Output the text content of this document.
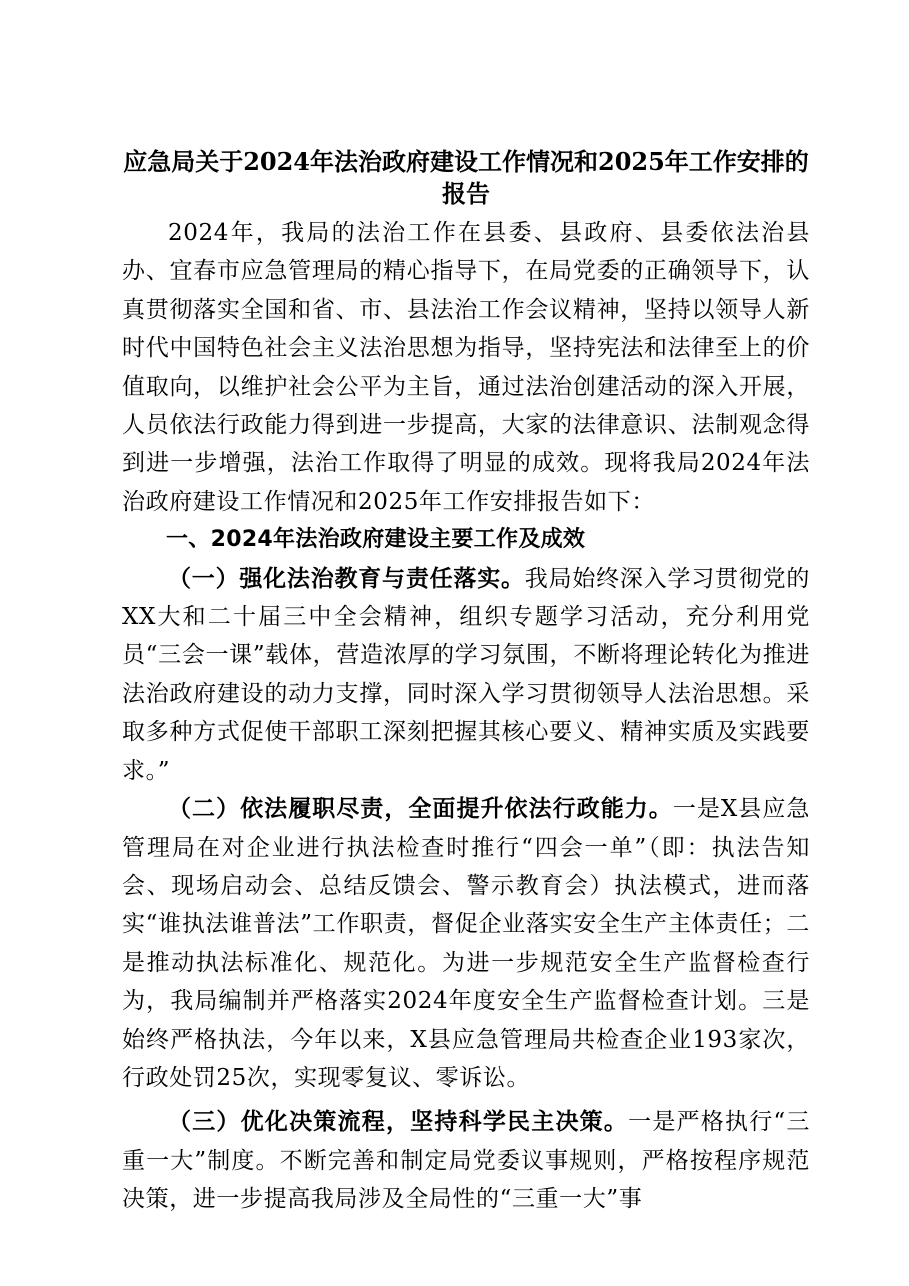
应急局关于2024年法治政府建设工作情况和2025年工作安排的报告

2024年，我局的法治工作在县委、县政府、县委依法治县办、宜春市应急管理局的精心指导下，在局党委的正确领导下，认真贯彻落实全国和省、市、县法治工作会议精神，坚持以领导人新时代中国特色社会主义法治思想为指导，坚持宪法和法律至上的价值取向，以维护社会公平为主旨，通过法治创建活动的深入开展，人员依法行政能力得到进一步提高，大家的法律意识、法制观念得到进一步增强，法治工作取得了明显的成效。现将我局2024年法治政府建设工作情况和2025年工作安排报告如下：

一、2024年法治政府建设主要工作及成效

（一）强化法治教育与责任落实。我局始终深入学习贯彻党的XX大和二十届三中全会精神，组织专题学习活动，充分利用党员“三会一课”载体，营造浓厚的学习氛围，不断将理论转化为推进法治政府建设的动力支撑，同时深入学习贯彻领导人法治思想。采取多种方式促使干部职工深刻把握其核心要义、精神实质及实践要求。”

（二）依法履职尽责，全面提升依法行政能力。一是X县应急管理局在对企业进行执法检查时推行“四会一单”（即：执法告知会、现场启动会、总结反馈会、警示教育会）执法模式，进而落实“谁执法谁普法”工作职责，督促企业落实安全生产主体责任；二是推动执法标准化、规范化。为进一步规范安全生产监督检查行为，我局编制并严格落实2024年度安全生产监督检查计划。三是始终严格执法，今年以来，X县应急管理局共检查企业193家次，行政处罚25次，实现零复议、零诉讼。

（三）优化决策流程，坚持科学民主决策。一是严格执行“三重一大”制度。不断完善和制定局党委议事规则，严格按程序规范决策，进一步提高我局涉及全局性的“三重一大”事
